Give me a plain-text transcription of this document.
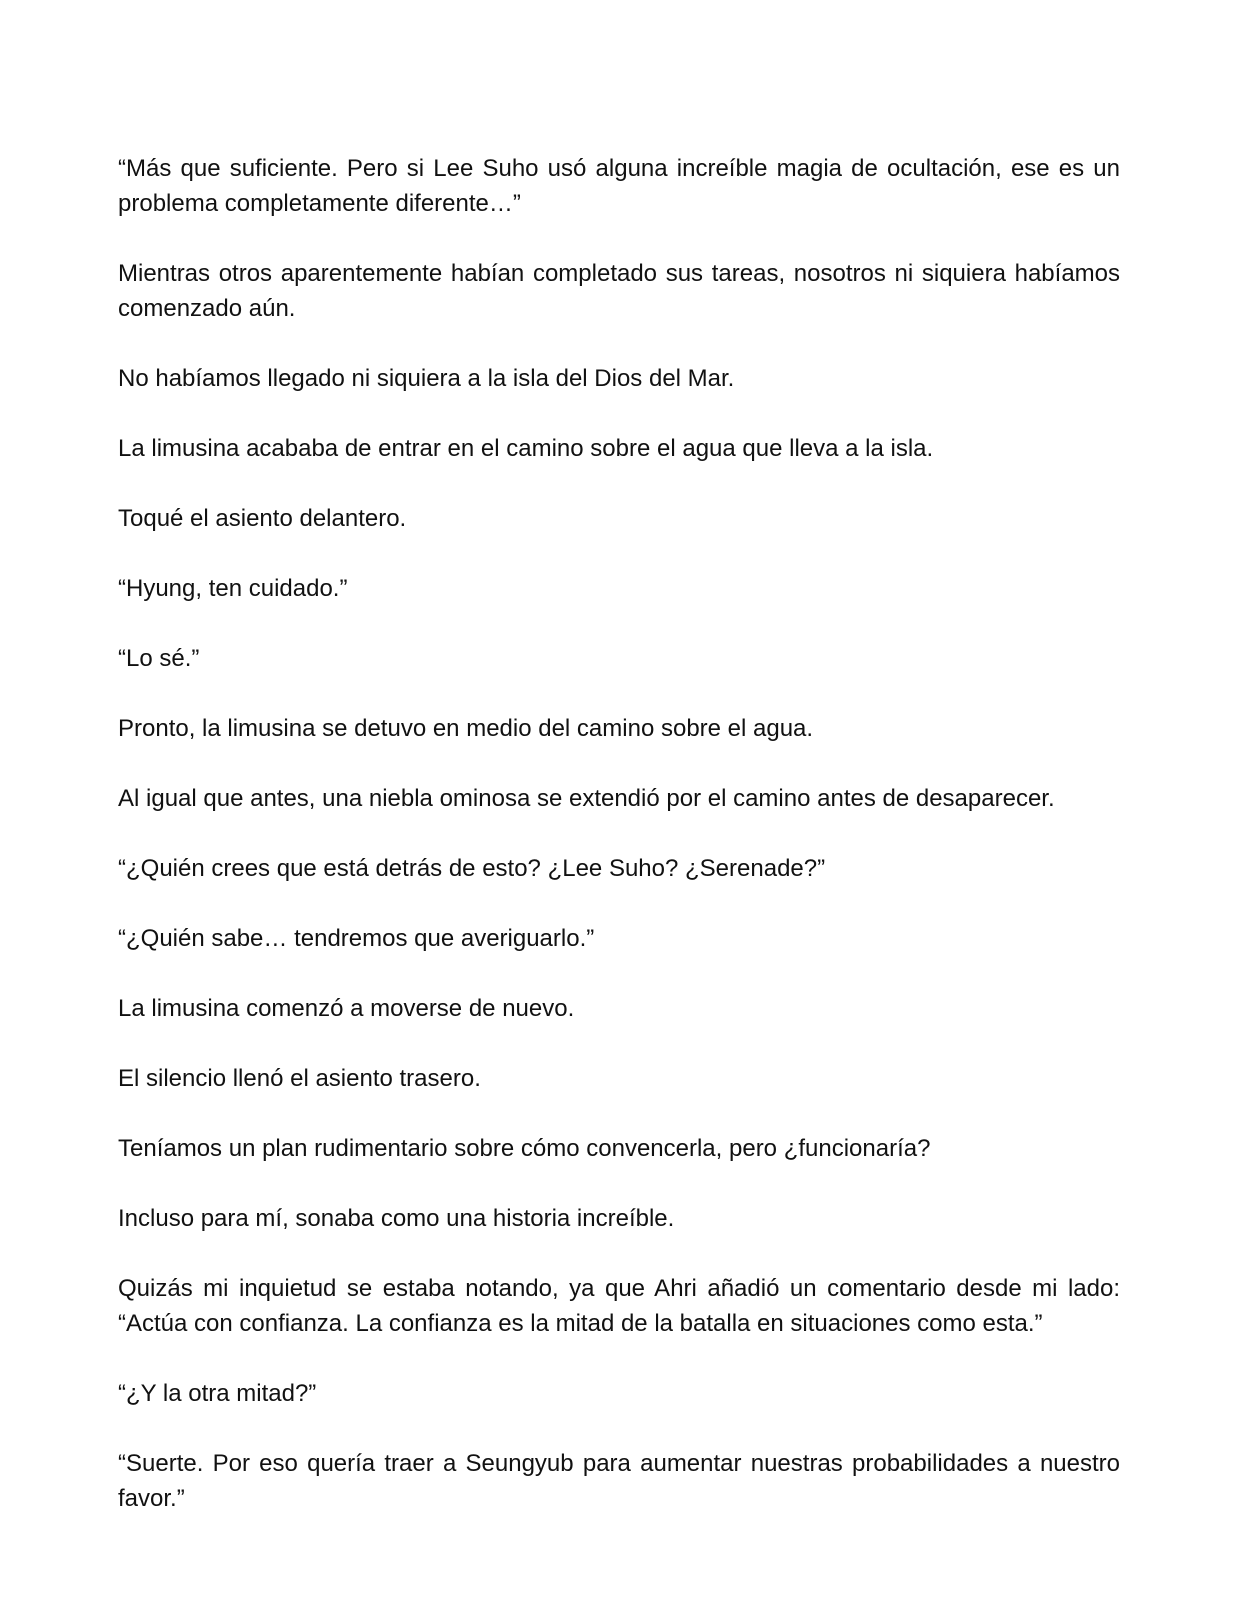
“Más que suficiente. Pero si Lee Suho usó alguna increíble magia de ocultación, ese es un problema completamente diferente…”

Mientras otros aparentemente habían completado sus tareas, nosotros ni siquiera habíamos comenzado aún.

No habíamos llegado ni siquiera a la isla del Dios del Mar.

La limusina acababa de entrar en el camino sobre el agua que lleva a la isla.

Toqué el asiento delantero.

“Hyung, ten cuidado.”

“Lo sé.”

Pronto, la limusina se detuvo en medio del camino sobre el agua.

Al igual que antes, una niebla ominosa se extendió por el camino antes de desaparecer.

“¿Quién crees que está detrás de esto? ¿Lee Suho? ¿Serenade?”

“¿Quién sabe… tendremos que averiguarlo.”

La limusina comenzó a moverse de nuevo.

El silencio llenó el asiento trasero.

Teníamos un plan rudimentario sobre cómo convencerla, pero ¿funcionaría?

Incluso para mí, sonaba como una historia increíble.

Quizás mi inquietud se estaba notando, ya que Ahri añadió un comentario desde mi lado: “Actúa con confianza. La confianza es la mitad de la batalla en situaciones como esta.”

“¿Y la otra mitad?”

“Suerte. Por eso quería traer a Seungyub para aumentar nuestras probabilidades a nuestro favor.”
